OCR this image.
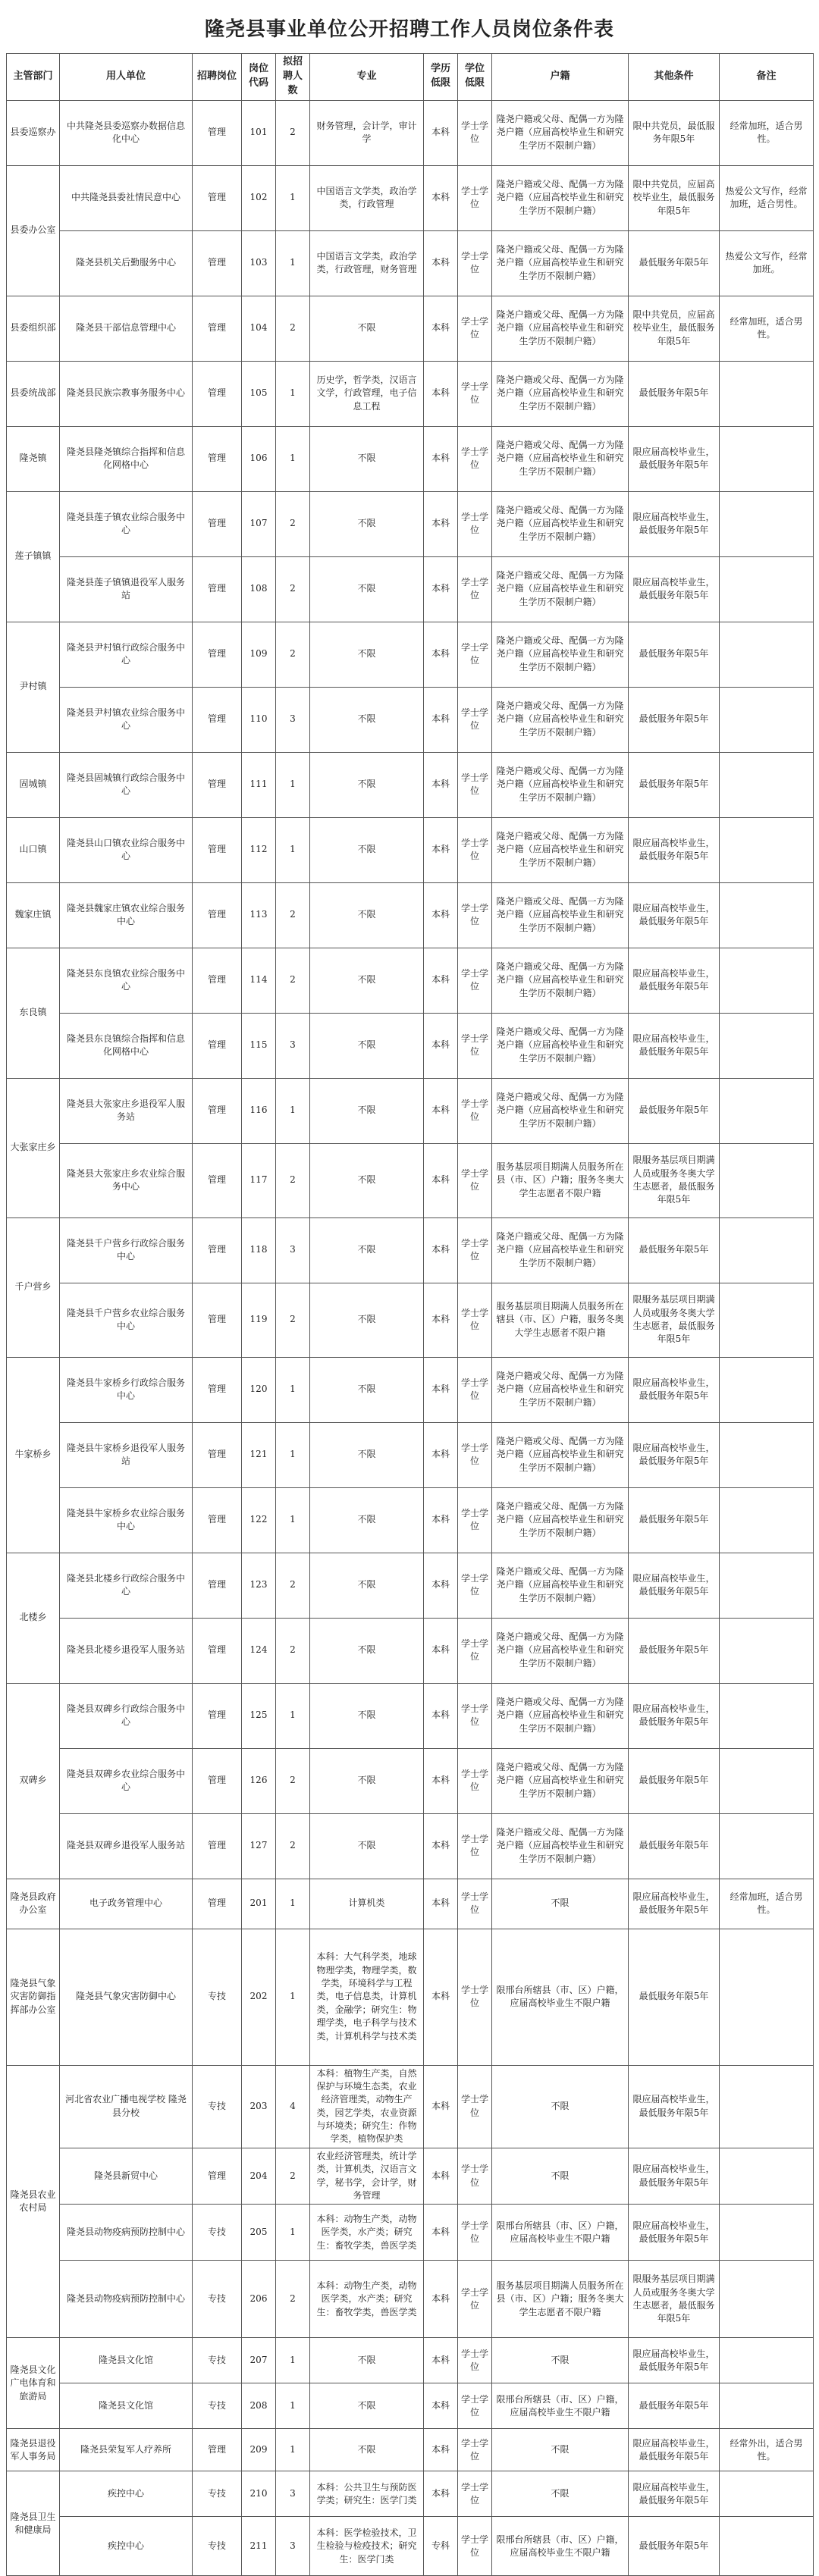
隆尧县事业单位公开招聘工作人员岗位条件表
主管部门	用人单位	招聘岗位	岗位代码	拟招聘人数	专业	学历低限	学位低限	户籍	其他条件	备注
县委巡察办	中共隆尧县委巡察办数据信息化中心	管理	101	2	财务管理，会计学，审计学	本科	学士学位	隆尧户籍或父母、配偶一方为隆尧户籍（应届高校毕业生和研究生学历不限制户籍）	限中共党员，最低服务年限5年	经常加班，适合男性。
县委办公室	中共隆尧县委社情民意中心	管理	102	1	中国语言文学类，政治学类，行政管理	本科	学士学位	隆尧户籍或父母、配偶一方为隆尧户籍（应届高校毕业生和研究生学历不限制户籍）	限中共党员，应届高校毕业生，最低服务年限5年	热爱公文写作，经常加班，适合男性。
	隆尧县机关后勤服务中心	管理	103	1	中国语言文学类，政治学类，行政管理，财务管理	本科	学士学位	隆尧户籍或父母、配偶一方为隆尧户籍（应届高校毕业生和研究生学历不限制户籍）	最低服务年限5年	热爱公文写作，经常加班。
县委组织部	隆尧县干部信息管理中心	管理	104	2	不限	本科	学士学位	隆尧户籍或父母、配偶一方为隆尧户籍（应届高校毕业生和研究生学历不限制户籍）	限中共党员，应届高校毕业生，最低服务年限5年	经常加班，适合男性。
县委统战部	隆尧县民族宗教事务服务中心	管理	105	1	历史学，哲学类，汉语言文学，行政管理，电子信息工程	本科	学士学位	隆尧户籍或父母、配偶一方为隆尧户籍（应届高校毕业生和研究生学历不限制户籍）	最低服务年限5年	
隆尧镇	隆尧县隆尧镇综合指挥和信息化网格中心	管理	106	1	不限	本科	学士学位	隆尧户籍或父母、配偶一方为隆尧户籍（应届高校毕业生和研究生学历不限制户籍）	限应届高校毕业生，最低服务年限5年	
莲子镇镇	隆尧县莲子镇农业综合服务中心	管理	107	2	不限	本科	学士学位	隆尧户籍或父母、配偶一方为隆尧户籍（应届高校毕业生和研究生学历不限制户籍）	限应届高校毕业生，最低服务年限5年	
	隆尧县莲子镇镇退役军人服务站	管理	108	2	不限	本科	学士学位	隆尧户籍或父母、配偶一方为隆尧户籍（应届高校毕业生和研究生学历不限制户籍）	限应届高校毕业生，最低服务年限5年	
尹村镇	隆尧县尹村镇行政综合服务中心	管理	109	2	不限	本科	学士学位	隆尧户籍或父母、配偶一方为隆尧户籍（应届高校毕业生和研究生学历不限制户籍）	最低服务年限5年	
	隆尧县尹村镇农业综合服务中心	管理	110	3	不限	本科	学士学位	隆尧户籍或父母、配偶一方为隆尧户籍（应届高校毕业生和研究生学历不限制户籍）	最低服务年限5年	
固城镇	隆尧县固城镇行政综合服务中心	管理	111	1	不限	本科	学士学位	隆尧户籍或父母、配偶一方为隆尧户籍（应届高校毕业生和研究生学历不限制户籍）	最低服务年限5年	
山口镇	隆尧县山口镇农业综合服务中心	管理	112	1	不限	本科	学士学位	隆尧户籍或父母、配偶一方为隆尧户籍（应届高校毕业生和研究生学历不限制户籍）	限应届高校毕业生，最低服务年限5年	
魏家庄镇	隆尧县魏家庄镇农业综合服务中心	管理	113	2	不限	本科	学士学位	隆尧户籍或父母、配偶一方为隆尧户籍（应届高校毕业生和研究生学历不限制户籍）	限应届高校毕业生，最低服务年限5年	
东良镇	隆尧县东良镇农业综合服务中心	管理	114	2	不限	本科	学士学位	隆尧户籍或父母、配偶一方为隆尧户籍（应届高校毕业生和研究生学历不限制户籍）	限应届高校毕业生，最低服务年限5年	
	隆尧县东良镇综合指挥和信息化网格中心	管理	115	3	不限	本科	学士学位	隆尧户籍或父母、配偶一方为隆尧户籍（应届高校毕业生和研究生学历不限制户籍）	限应届高校毕业生，最低服务年限5年	
大张家庄乡	隆尧县大张家庄乡退役军人服务站	管理	116	1	不限	本科	学士学位	隆尧户籍或父母、配偶一方为隆尧户籍（应届高校毕业生和研究生学历不限制户籍）	最低服务年限5年	
	隆尧县大张家庄乡农业综合服务中心	管理	117	2	不限	本科	学士学位	服务基层项目期满人员服务所在县（市、区）户籍；服务冬奥大学生志愿者不限户籍	限服务基层项目期满人员或服务冬奥大学生志愿者，最低服务年限5年	
千户营乡	隆尧县千户营乡行政综合服务中心	管理	118	3	不限	本科	学士学位	隆尧户籍或父母、配偶一方为隆尧户籍（应届高校毕业生和研究生学历不限制户籍）	最低服务年限5年	
	隆尧县千户营乡农业综合服务中心	管理	119	2	不限	本科	学士学位	服务基层项目期满人员服务所在辖县（市、区）户籍，服务冬奥大学生志愿者不限户籍	限服务基层项目期满人员或服务冬奥大学生志愿者，最低服务年限5年	
牛家桥乡	隆尧县牛家桥乡行政综合服务中心	管理	120	1	不限	本科	学士学位	隆尧户籍或父母、配偶一方为隆尧户籍（应届高校毕业生和研究生学历不限制户籍）	限应届高校毕业生，最低服务年限5年	
	隆尧县牛家桥乡退役军人服务站	管理	121	1	不限	本科	学士学位	隆尧户籍或父母、配偶一方为隆尧户籍（应届高校毕业生和研究生学历不限制户籍）	限应届高校毕业生，最低服务年限5年	
	隆尧县牛家桥乡农业综合服务中心	管理	122	1	不限	本科	学士学位	隆尧户籍或父母、配偶一方为隆尧户籍（应届高校毕业生和研究生学历不限制户籍）	最低服务年限5年	
北楼乡	隆尧县北楼乡行政综合服务中心	管理	123	2	不限	本科	学士学位	隆尧户籍或父母、配偶一方为隆尧户籍（应届高校毕业生和研究生学历不限制户籍）	限应届高校毕业生，最低服务年限5年	
	隆尧县北楼乡退役军人服务站	管理	124	2	不限	本科	学士学位	隆尧户籍或父母、配偶一方为隆尧户籍（应届高校毕业生和研究生学历不限制户籍）	最低服务年限5年	
双碑乡	隆尧县双碑乡行政综合服务中心	管理	125	1	不限	本科	学士学位	隆尧户籍或父母、配偶一方为隆尧户籍（应届高校毕业生和研究生学历不限制户籍）	限应届高校毕业生，最低服务年限5年	
	隆尧县双碑乡农业综合服务中心	管理	126	2	不限	本科	学士学位	隆尧户籍或父母、配偶一方为隆尧户籍（应届高校毕业生和研究生学历不限制户籍）	最低服务年限5年	
	隆尧县双碑乡退役军人服务站	管理	127	2	不限	本科	学士学位	隆尧户籍或父母、配偶一方为隆尧户籍（应届高校毕业生和研究生学历不限制户籍）	最低服务年限5年	
隆尧县政府办公室	电子政务管理中心	管理	201	1	计算机类	本科	学士学位	不限	限应届高校毕业生，最低服务年限5年	经常加班，适合男性。
隆尧县气象灾害防御指挥部办公室	隆尧县气象灾害防御中心	专技	202	1	本科：大气科学类，地球物理学类，物理学类，数学类，环境科学与工程类，电子信息类，计算机类，金融学；研究生：物理学类，电子科学与技术类，计算机科学与技术类	本科	学士学位	限邢台所辖县（市、区）户籍，应届高校毕业生不限户籍	最低服务年限5年	
隆尧县农业农村局	河北省农业广播电视学校 隆尧县分校	专技	203	4	本科：植物生产类，自然保护与环境生态类，农业经济管理类，动物生产类，园艺学类，农业资源与环境类；研究生：作物学类，植物保护类	本科	学士学位	不限	限应届高校毕业生，最低服务年限5年	
	隆尧县新贸中心	管理	204	2	农业经济管理类，统计学类，计算机类，汉语言文学，秘书学，会计学，财务管理	本科	学士学位	不限	限应届高校毕业生，最低服务年限5年	
	隆尧县动物疫病预防控制中心	专技	205	1	本科：动物生产类，动物医学类，水产类；研究生：畜牧学类，兽医学类	本科	学士学位	限邢台所辖县（市、区）户籍，应届高校毕业生不限户籍	限应届高校毕业生，最低服务年限5年	
	隆尧县动物疫病预防控制中心	专技	206	2	本科：动物生产类，动物医学类，水产类；研究生：畜牧学类，兽医学类	本科	学士学位	服务基层项目期满人员服务所在县（市、区）户籍；服务冬奥大学生志愿者不限户籍	限服务基层项目期满人员或服务冬奥大学生志愿者，最低服务年限5年	
隆尧县文化广电体育和旅游局	隆尧县文化馆	专技	207	1	不限	本科	学士学位	不限	限应届高校毕业生，最低服务年限5年	
	隆尧县文化馆	专技	208	1	不限	本科	学士学位	限邢台所辖县（市、区）户籍，应届高校毕业生不限户籍	最低服务年限5年	
隆尧县退役军人事务局	隆尧县荣复军人疗养所	管理	209	1	不限	本科	学士学位	不限	限应届高校毕业生，最低服务年限5年	经常外出，适合男性。
隆尧县卫生和健康局	疾控中心	专技	210	3	本科：公共卫生与预防医学类；研究生：医学门类	本科	学士学位	不限	限应届高校毕业生，最低服务年限5年	
	疾控中心	专技	211	3	本科：医学检验技术，卫生检验与检疫技术；研究生：医学门类	专科	学士学位	限邢台所辖县（市、区）户籍，应届高校毕业生不限户籍	最低服务年限5年	
